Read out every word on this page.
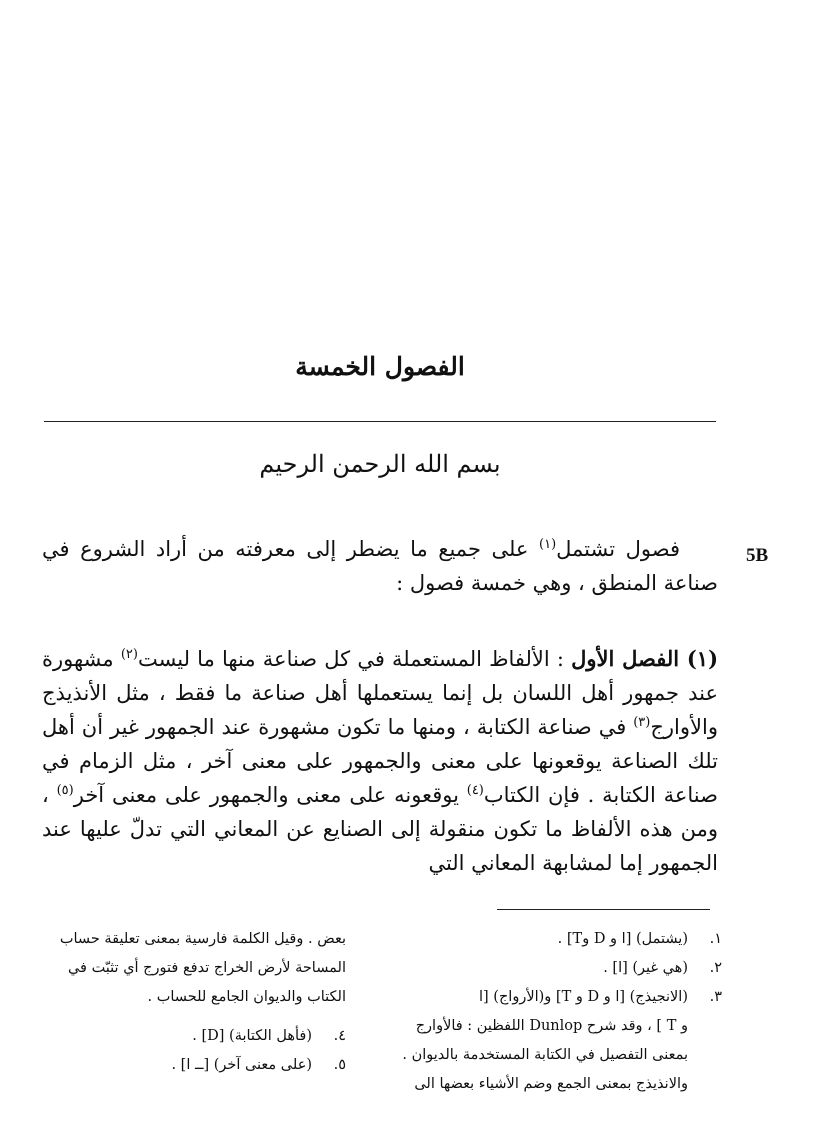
الفصول الخمسة
بسم الله الرحمن الرحيم
5B
فصول تشتمل$^{(١)}$ على جميع ما يضطر إلى معرفته من أراد الشروع في صناعة المنطق ، وهي خمسة فصول :
(١) الفصل الأول : الألفاظ المستعملة في كل صناعة منها ما ليست$^{(٢)}$ مشهورة عند جمهور أهل اللسان بل إنما يستعملها أهل صناعة ما فقط ، مثل الأنذيذج والأوارج$^{(٣)}$ في صناعة الكتابة ، ومنها ما تكون مشهورة عند الجمهور غير أن أهل تلك الصناعة يوقعونها على معنى والجمهور على معنى آخر ، مثل الزمام في صناعة الكتابة . فإن الكتاب$^{(٤)}$ يوقعونه على معنى والجمهور على معنى آخر$^{(٥)}$ ، ومن هذه الألفاظ ما تكون منقولة إلى الصنايع عن المعاني التي تدلّ عليها عند الجمهور إما لمشابهة المعاني التي
١.
(يشتمل) [ا و D وT] .
٢.
(هي غير) [ا] .
٣.
(الانجيذج) [ا و D و T] و(الأرواج) [ا
و T ] ، وقد شرح Dunlop اللفظين : فالأوارج
بمعنى التفصيل في الكتابة المستخدمة بالديوان .
والانذيذج بمعنى الجمع وضم الأشياء بعضها الى
بعض . وقيل الكلمة فارسية بمعنى تعليقة حساب
المساحة لأرض الخراج تدفع فتورج أي تثبّت في
الكتاب والديوان الجامع للحساب .
٤.
(فأهل الكتابة) [D] .
٥.
(على معنى آخر) [ــ ا] .
